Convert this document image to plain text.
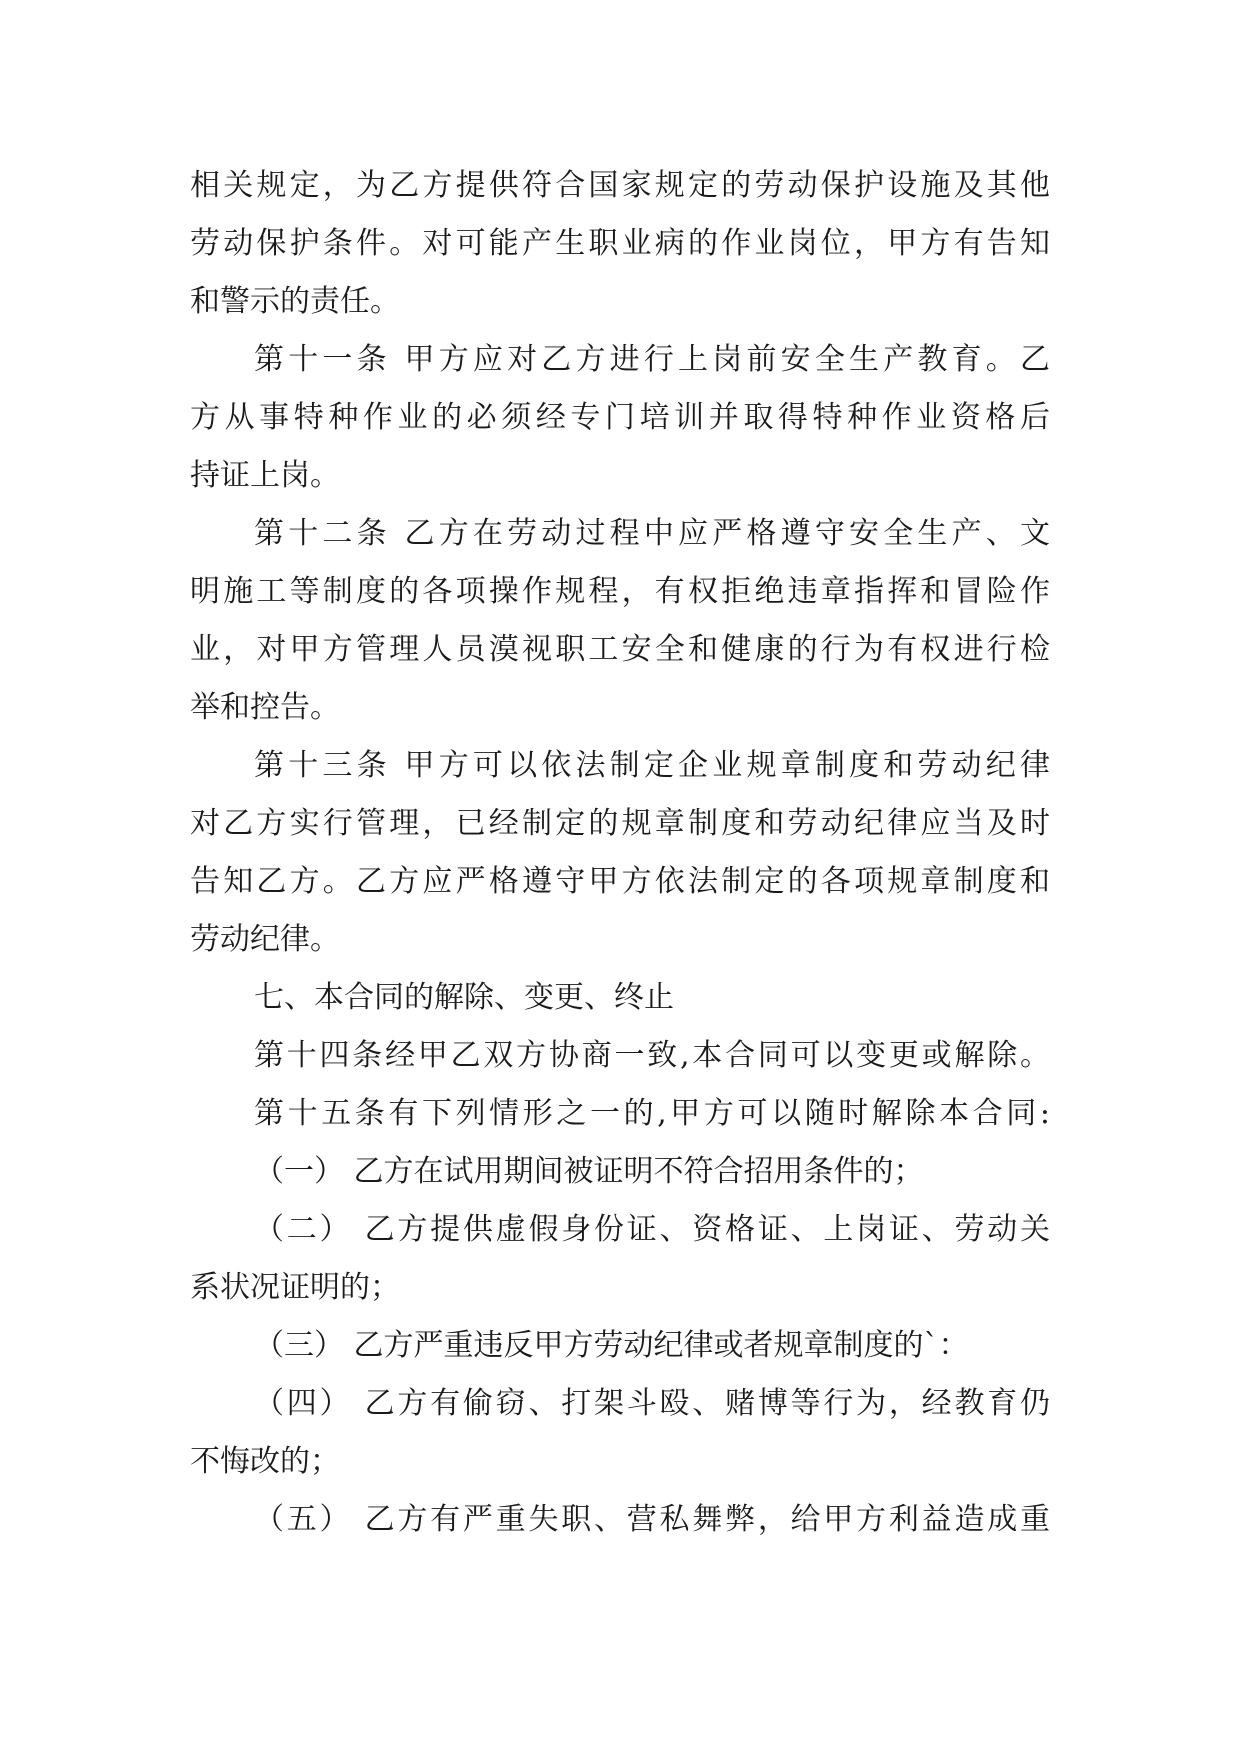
相关规定，为乙方提供符合国家规定的劳动保护设施及其他
劳动保护条件。对可能产生职业病的作业岗位，甲方有告知
和警示的责任。
第十一条 甲方应对乙方进行上岗前安全生产教育。乙
方从事特种作业的必须经专门培训并取得特种作业资格后
持证上岗。
第十二条 乙方在劳动过程中应严格遵守安全生产、文
明施工等制度的各项操作规程，有权拒绝违章指挥和冒险作
业，对甲方管理人员漠视职工安全和健康的行为有权进行检
举和控告。
第十三条 甲方可以依法制定企业规章制度和劳动纪律
对乙方实行管理，已经制定的规章制度和劳动纪律应当及时
告知乙方。乙方应严格遵守甲方依法制定的各项规章制度和
劳动纪律。
七、本合同的解除、变更、终止
第十四条经甲乙双方协商一致,本合同可以变更或解除。
第十五条有下列情形之一的,甲方可以随时解除本合同:
（一） 乙方在试用期间被证明不符合招用条件的；
（二） 乙方提供虚假身份证、资格证、上岗证、劳动关
系状况证明的；
（三） 乙方严重违反甲方劳动纪律或者规章制度的`：
（四） 乙方有偷窃、打架斗殴、赌博等行为，经教育仍
不悔改的；
（五） 乙方有严重失职、营私舞弊，给甲方利益造成重
